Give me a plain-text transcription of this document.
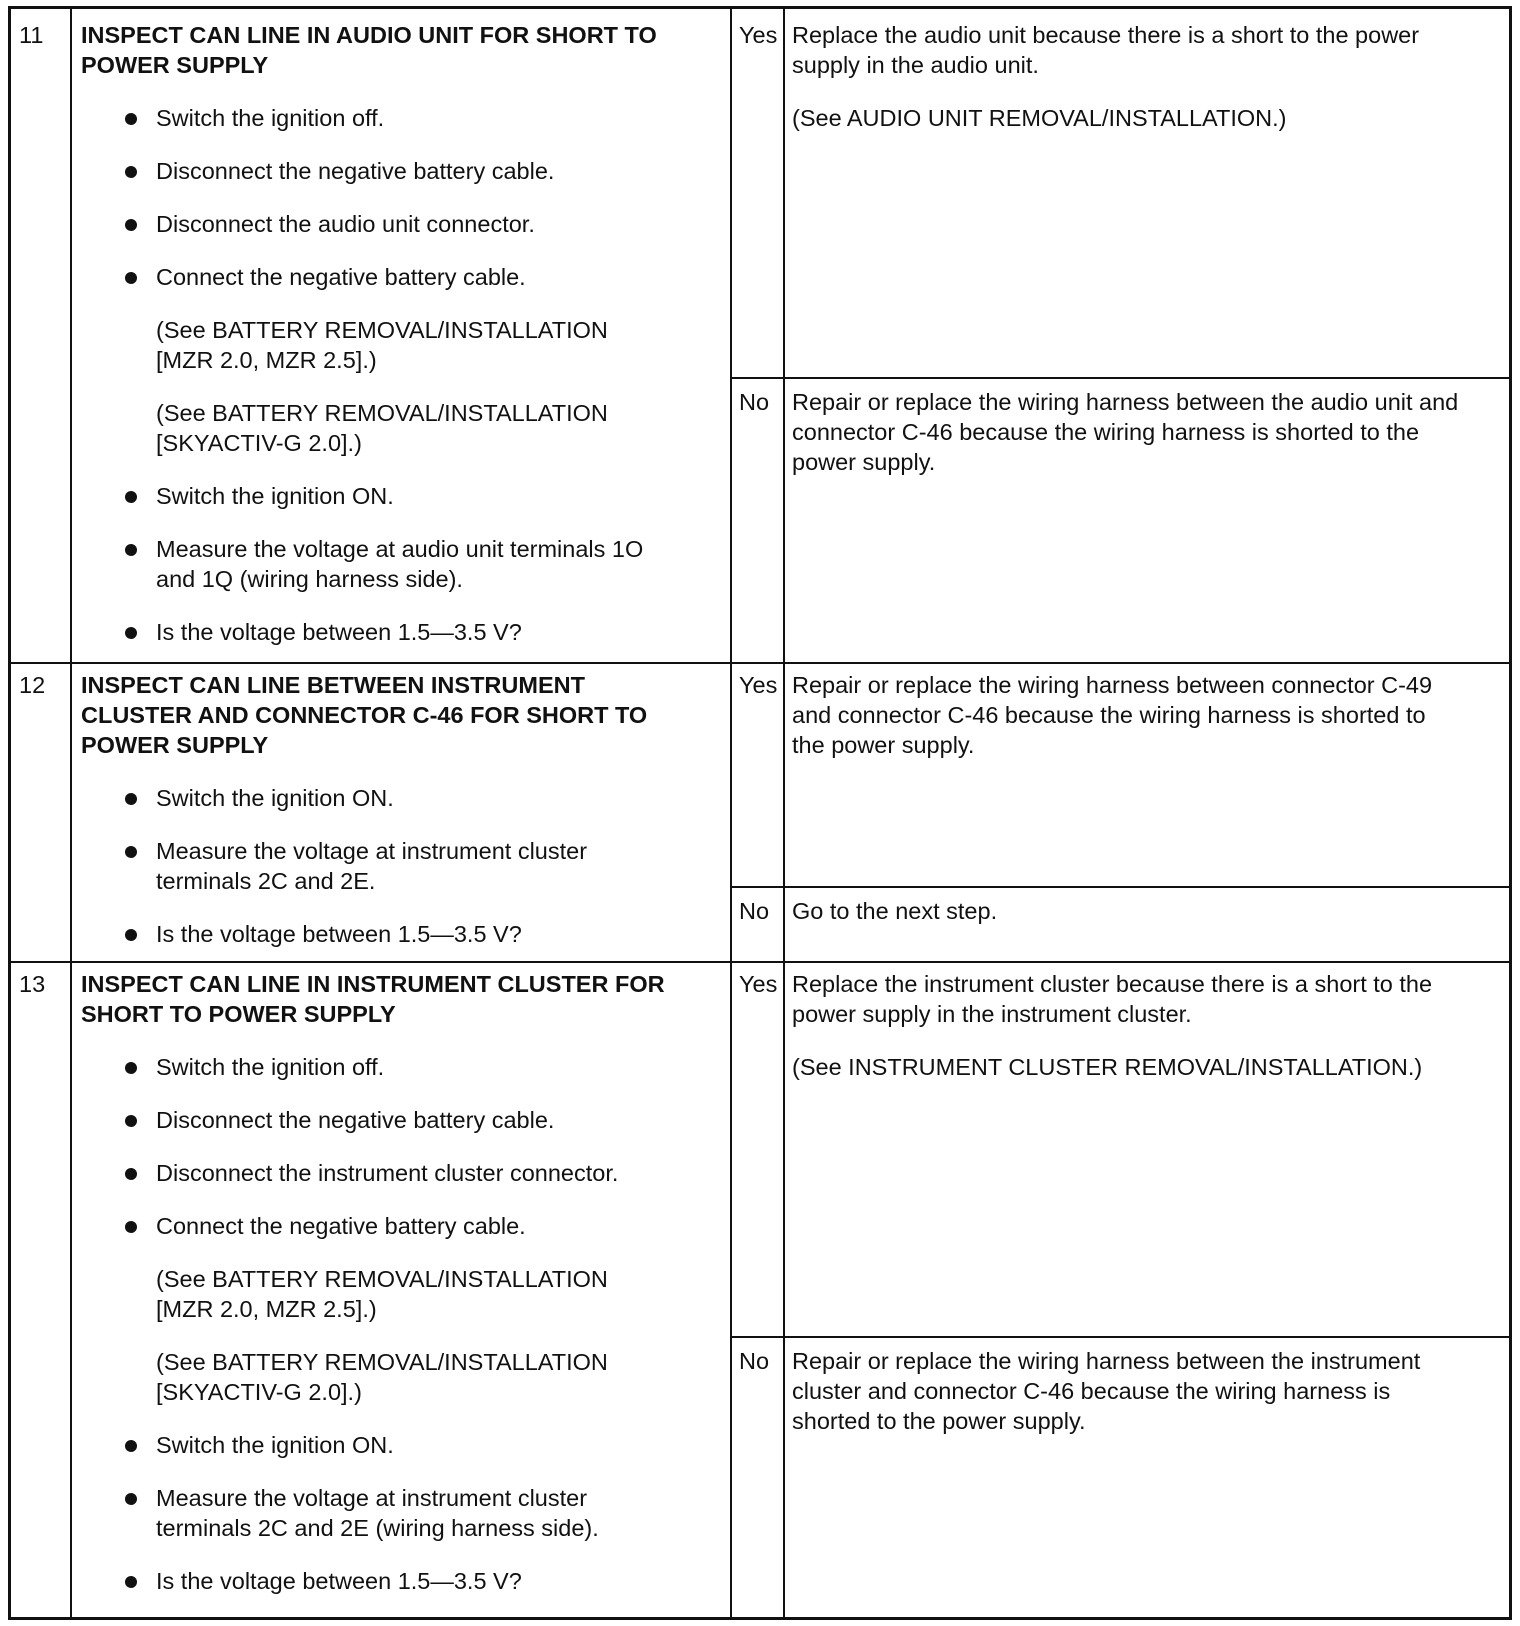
11 INSPECT CAN LINE IN AUDIO UNIT FOR SHORT TO
POWER SUPPLY
Switch the ignition off.
Disconnect the negative battery cable.
Disconnect the audio unit connector.
Connect the negative battery cable.
(See BATTERY REMOVAL/INSTALLATION
[MZR 2.0, MZR 2.5].)
(See BATTERY REMOVAL/INSTALLATION
[SKYACTIV-G 2.0].)
Switch the ignition ON.
Measure the voltage at audio unit terminals 1O
and 1Q (wiring harness side).
Is the voltage between 1.5—3.5 V?
Yes Replace the audio unit because there is a short to the power
supply in the audio unit.
(See AUDIO UNIT REMOVAL/INSTALLATION.)
No Repair or replace the wiring harness between the audio unit and
connector C-46 because the wiring harness is shorted to the
power supply.
12 INSPECT CAN LINE BETWEEN INSTRUMENT
CLUSTER AND CONNECTOR C-46 FOR SHORT TO
POWER SUPPLY
Switch the ignition ON.
Measure the voltage at instrument cluster
terminals 2C and 2E.
Is the voltage between 1.5—3.5 V?
Yes Repair or replace the wiring harness between connector C-49
and connector C-46 because the wiring harness is shorted to
the power supply.
No Go to the next step.
13 INSPECT CAN LINE IN INSTRUMENT CLUSTER FOR
SHORT TO POWER SUPPLY
Switch the ignition off.
Disconnect the negative battery cable.
Disconnect the instrument cluster connector.
Connect the negative battery cable.
(See BATTERY REMOVAL/INSTALLATION
[MZR 2.0, MZR 2.5].)
(See BATTERY REMOVAL/INSTALLATION
[SKYACTIV-G 2.0].)
Switch the ignition ON.
Measure the voltage at instrument cluster
terminals 2C and 2E (wiring harness side).
Is the voltage between 1.5—3.5 V?
Yes Replace the instrument cluster because there is a short to the
power supply in the instrument cluster.
(See INSTRUMENT CLUSTER REMOVAL/INSTALLATION.)
No Repair or replace the wiring harness between the instrument
cluster and connector C-46 because the wiring harness is
shorted to the power supply.
